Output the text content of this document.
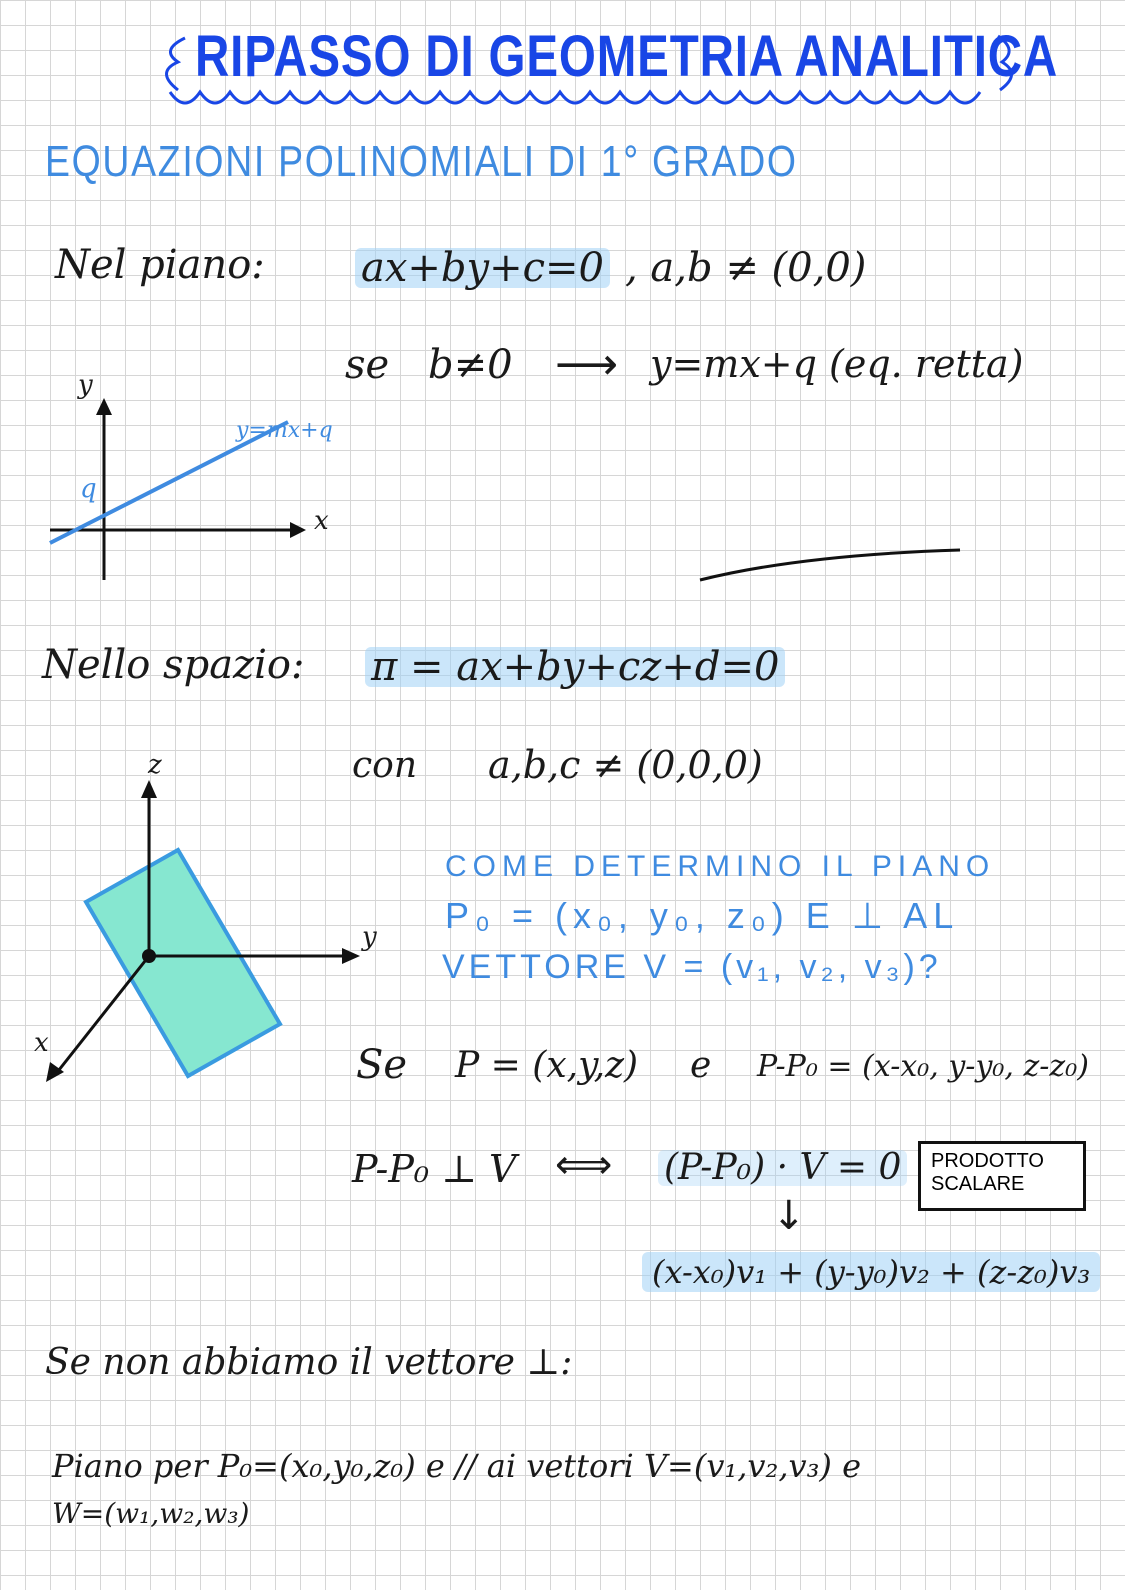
RIPASSO DI GEOMETRIA ANALITICA
EQUAZIONI POLINOMIALI DI 1° GRADO
Nel piano: ax+by+c=0 , a,b ≠ (0,0)
se b≠0 ⟶ y=mx+q (eq. retta)
y
x
q
y=mx+q
Nello spazio: π = ax+by+cz+d=0
con a,b,c ≠ (0,0,0)
z
y
x
COME DETERMINO IL PIANO
P₀ = (x₀, y₀, z₀) E ⊥ AL
VETTORE V = (v₁, v₂, v₃)?
Se P = (x,y,z) e P-P₀ = (x-x₀, y-y₀, z-z₀)
P-P₀ ⊥ V ⟺ (P-P₀) · V = 0	PRODOTTO SCALARE
↓
(x-x₀)v₁ + (y-y₀)v₂ + (z-z₀)v₃
Se non abbiamo il vettore ⊥:
Piano per P₀=(x₀,y₀,z₀) e // ai vettori V=(v₁,v₂,v₃) e
W=(w₁,w₂,w₃)
